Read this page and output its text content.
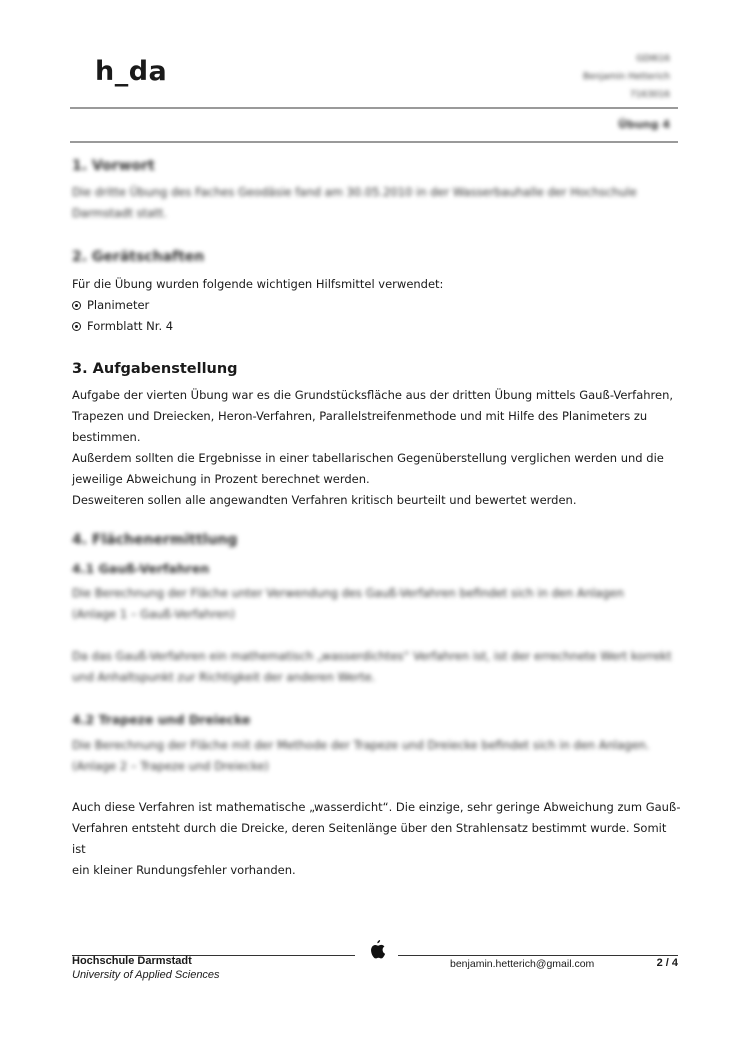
h_da	GDI616
Benjamin Hetterich
7163016
Übung 4
1. Vorwort

Die dritte Übung des Faches Geodäsie fand am 30.05.2010 in der Wasserbauhalle der Hochschule

Darmstadt statt.

2. Gerätschaften
Für die Übung wurden folgende wichtigen Hilfsmittel verwendet:
Planimeter
Formblatt Nr. 4
3. Aufgabenstellung

Aufgabe der vierten Übung war es die Grundstücksfläche aus der dritten Übung mittels Gauß-Verfahren,

Trapezen und Dreiecken, Heron-Verfahren, Parallelstreifenmethode und mit Hilfe des Planimeters zu

bestimmen.

Außerdem sollten die Ergebnisse in einer tabellarischen Gegenüberstellung verglichen werden und die

jeweilige Abweichung in Prozent berechnet werden.

Desweiteren sollen alle angewandten Verfahren kritisch beurteilt und bewertet werden.

4. Flächenermittlung
4.1 Gauß-Verfahren

Die Berechnung der Fläche unter Verwendung des Gauß-Verfahren befindet sich in den Anlagen

(Anlage 1 – Gauß-Verfahren)

Da das Gauß-Verfahren ein mathematisch „wasserdichtes“ Verfahren ist, ist der errechnete Wert korrekt

und Anhaltspunkt zur Richtigkeit der anderen Werte.

4.2 Trapeze und Dreiecke

Die Berechnung der Fläche mit der Methode der Trapeze und Dreiecke befindet sich in den Anlagen.

(Anlage 2 – Trapeze und Dreiecke)

Auch diese Verfahren ist mathematische „wasserdicht“. Die einzige, sehr geringe Abweichung zum Gauß-

Verfahren entsteht durch die Dreicke, deren Seitenlänge über den Strahlensatz bestimmt wurde. Somit ist

ein kleiner Rundungsfehler vorhanden.

Hochschule Darmstadt
University of Applied Sciences
benjamin.hetterich@gmail.com	2 / 4
